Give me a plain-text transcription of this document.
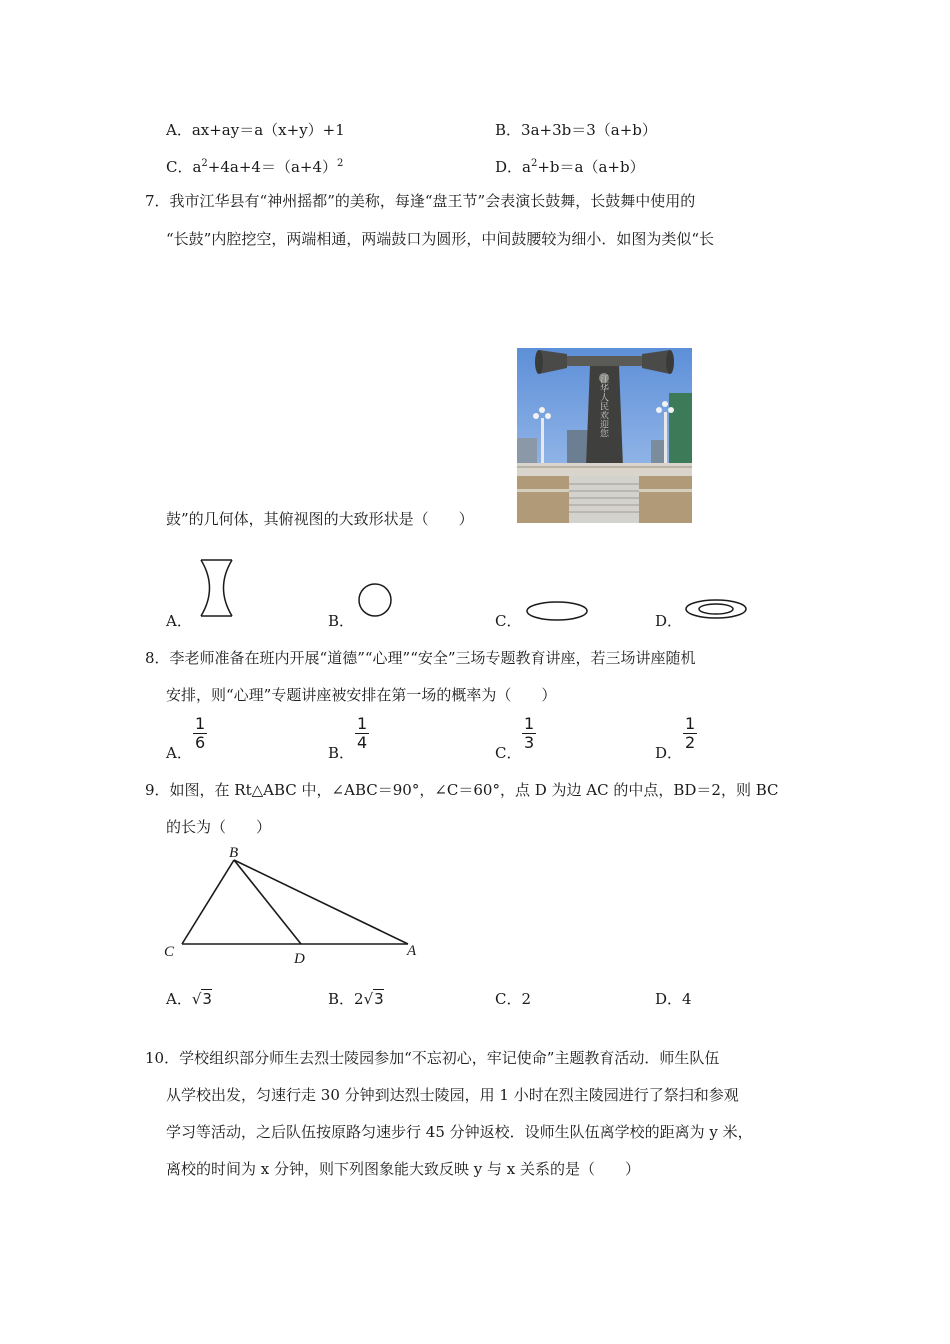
A．ax+ay＝a（x+y）+1	B．3a+3b＝3（a+b）
C．$a^2+4a+4=(a+4)^2$	D．$a^2+b=a(a+b)$
7．我市江华县有“神州摇都”的美称，每逢“盘王节”会表演长鼓舞，长鼓舞中使用的
“长鼓”内腔挖空，两端相通，两端鼓口为圆形，中间鼓腰较为细小．如图为类似“长
鼓”的几何体，其俯视图的大致形状是（　　）
江华人民欢迎您
A．	B．	C．	D．
8．李老师准备在班内开展“道德”“心理”“安全”三场专题教育讲座，若三场讲座随机
安排，则“心理”专题讲座被安排在第一场的概率为（　　）
A．
$\frac{1}{6}$
B．
$\frac{1}{4}$
C．
$\frac{1}{3}$
D．
$\frac{1}{2}$
9．如图，在 Rt△ABC 中，∠ABC＝90°，∠C＝60°，点 D 为边 AC 的中点，BD＝2，则 BC
的长为（　　）
B
C	D	A
A．√3	B．2√3	C．2	D．4
10．学校组织部分师生去烈士陵园参加“不忘初心，牢记使命”主题教育活动．师生队伍
从学校出发，匀速行走 30 分钟到达烈士陵园，用 1 小时在烈主陵园进行了祭扫和参观
学习等活动，之后队伍按原路匀速步行 45 分钟返校．设师生队伍离学校的距离为 y 米，
离校的时间为 x 分钟，则下列图象能大致反映 y 与 x 关系的是（　　）
